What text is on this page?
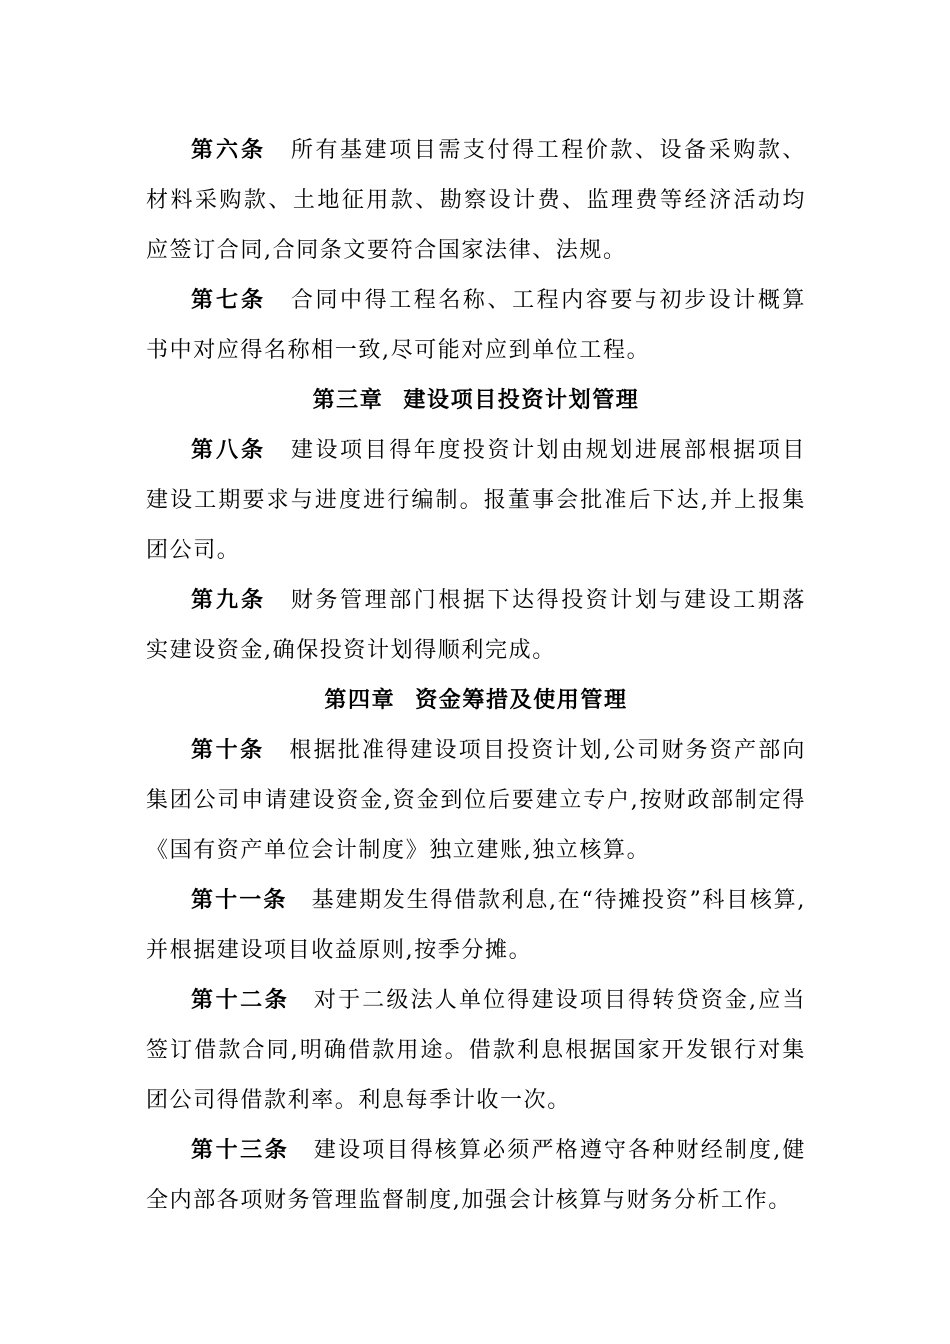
第六条 所有基建项目需支付得工程价款、设备采购款、材料采购款、土地征用款、勘察设计费、监理费等经济活动均应签订合同,合同条文要符合国家法律、法规。

第七条 合同中得工程名称、工程内容要与初步设计概算书中对应得名称相一致,尽可能对应到单位工程。

第三章 建设项目投资计划管理

第八条 建设项目得年度投资计划由规划进展部根据项目建设工期要求与进度进行编制。报董事会批准后下达,并上报集团公司。

第九条 财务管理部门根据下达得投资计划与建设工期落实建设资金,确保投资计划得顺利完成。

第四章 资金筹措及使用管理

第十条 根据批准得建设项目投资计划,公司财务资产部向集团公司申请建设资金,资金到位后要建立专户,按财政部制定得《国有资产单位会计制度》独立建账,独立核算。

第十一条 基建期发生得借款利息,在“待摊投资”科目核算,并根据建设项目收益原则,按季分摊。

第十二条 对于二级法人单位得建设项目得转贷资金,应当签订借款合同,明确借款用途。借款利息根据国家开发银行对集团公司得借款利率。利息每季计收一次。

第十三条 建设项目得核算必须严格遵守各种财经制度,健全内部各项财务管理监督制度,加强会计核算与财务分析工作。
